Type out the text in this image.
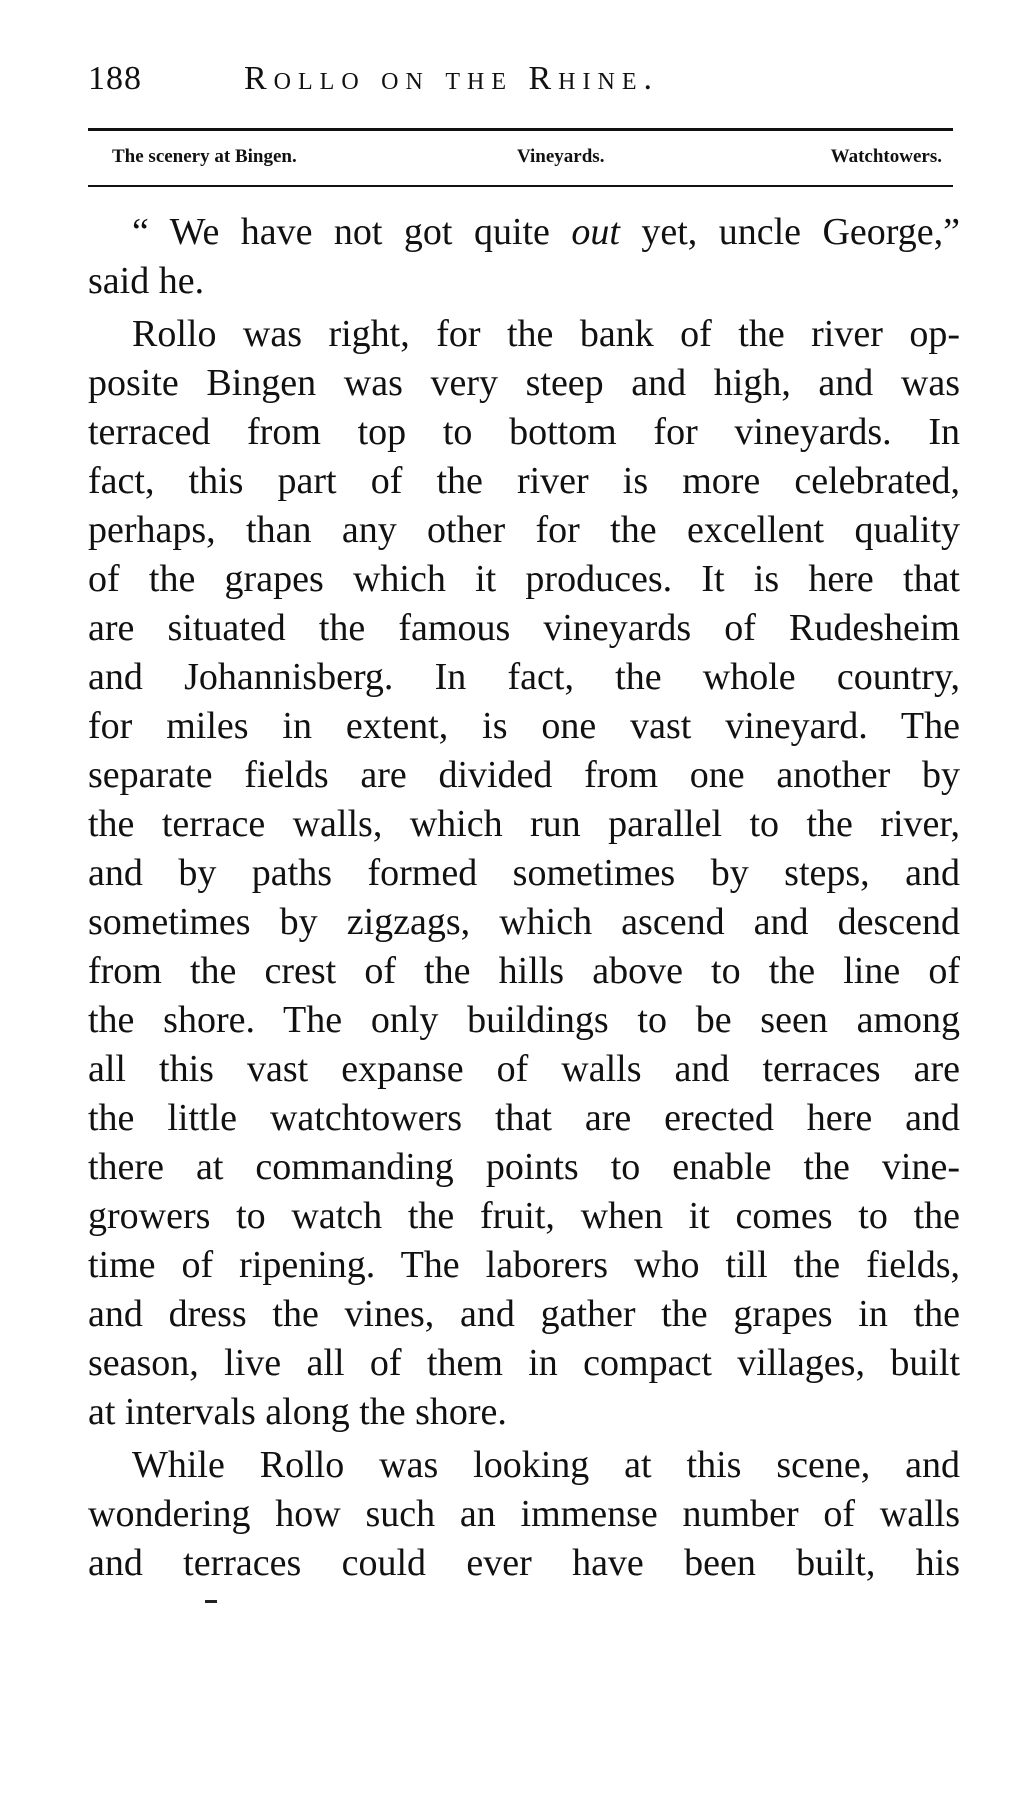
188	Rollo on the Rhine.
The scenery at Bingen.	Vineyards.	Watchtowers.
“ We have not got quite out yet, uncle George,”
said he.
Rollo was right, for the bank of the river op-
posite Bingen was very steep and high, and was
terraced from top to bottom for vineyards. In
fact, this part of the river is more celebrated,
perhaps, than any other for the excellent quality
of the grapes which it produces. It is here that
are situated the famous vineyards of Rudesheim
and Johannisberg. In fact, the whole country,
for miles in extent, is one vast vineyard. The
separate fields are divided from one another by
the terrace walls, which run parallel to the river,
and by paths formed sometimes by steps, and
sometimes by zigzags, which ascend and descend
from the crest of the hills above to the line of
the shore. The only buildings to be seen among
all this vast expanse of walls and terraces are
the little watchtowers that are erected here and
there at commanding points to enable the vine-
growers to watch the fruit, when it comes to the
time of ripening. The laborers who till the fields,
and dress the vines, and gather the grapes in the
season, live all of them in compact villages, built
at intervals along the shore.
While Rollo was looking at this scene, and
wondering how such an immense number of walls
and terraces could ever have been built, his
